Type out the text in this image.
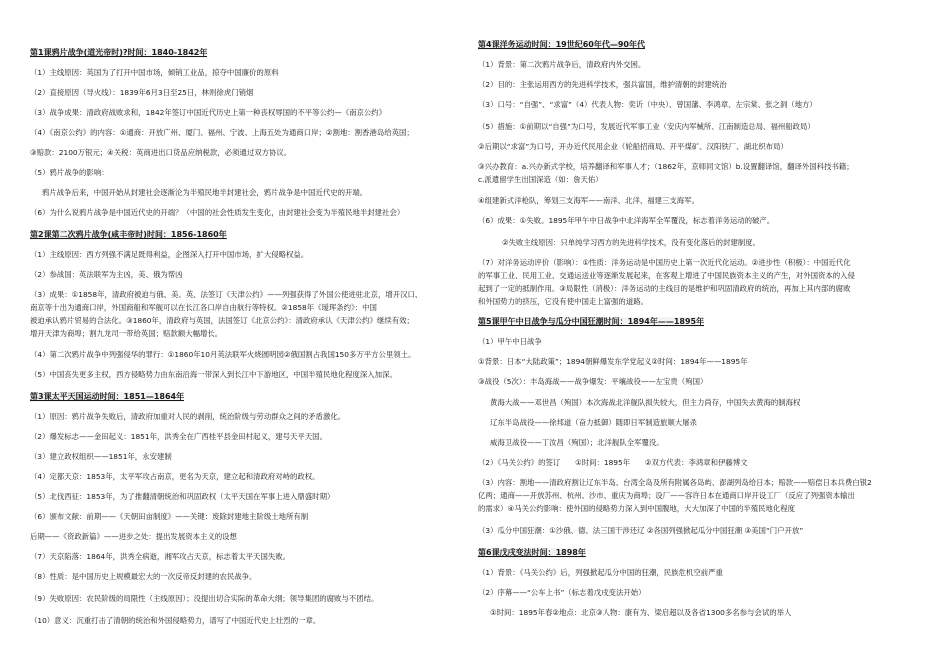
第1课鸦片战争(道光帝时)?时间：1840-1842年
（1）主线原因：英国为了打开中国市场，倾销工业品，掠夺中国廉价的原料
（2）直接原因（导火线）：1839年6月3日至25日，林则徐虎门销烟
（3）战争成果：清政府战败求和，1842年签订中国近代历史上第一种丧权辱国的不平等公约—《南京公约》
（4）《南京公约》的内容：①通商：开放广州、厦门、福州、宁波、上海五处为通商口岸；②割地：割香港岛给英国；
③赔款：2100万银元；④关税：英商进出口货品应纳税款，必须通过双方协议。
（5）鸦片战争的影响：
鸦片战争后来，中国开始从封建社会逐渐沦为半殖民地半封建社会，鸦片战争是中国近代史的开端。
（6）为什么说鸦片战争是中国近代史的开端？（中国的社会性质发生变化，由封建社会变为半殖民地半封建社会）
第2课第二次鸦片战争(咸丰帝时)时间：1856-1860年
（1）主线原因：西方列强不满足既得利益，企图深入打开中国市场，扩大侵略权益。
（2）参战国：英法联军为主凶，美、俄为帮凶
（3）成果：①1858年，清政府被迫与俄、美、英、法签订《天津公约》——列强获得了外国公使进驻北京，增开汉口、
南京等十出为通商口岸，外国商船和军舰可以在长江各口岸自由航行等特权。②1858年《瑷珲条约》：中国
被迫承认鸦片贸易的合法化。③1860年，清政府与英国，法国签订《北京公约》：清政府承认《天津公约》继续有效；
增开天津为商埠；割九龙司一带给英国；赔款额大幅增长。
（4）第二次鸦片战争中列强侵华的罪行：①1860年10月英法联军火烧圆明园②俄国割占我国150多万平方公里领土。
（5）中国丧失更多主权，西方侵略势力由东南沿海一带深入到长江中下游地区，中国半殖民地化程度深入加深。
第3课太平天国运动时间：1851—1864年
（1）原因：鸦片战争失败后，清政府加重对人民的剥削，统治阶级与劳动群众之间的矛盾激化。
（2）爆发标志——金田起义：1851年，洪秀全在广西桂平县金田村起义，建号天平天国。
（3）建立政权组织——1851年，永安建制
（4）定都天京：1853年，太平军攻占南京，更名为天京，建立起和清政府对峙的政权。
（5）北伐西征：1853年，为了推翻清朝统治和巩固政权（太平天国在军事上进入鼎盛时期）
（6）颁布文献：前期——《天朝田亩制度》——关键：废除封建地主阶级土地所有制
后期——《资政新篇》——进步之处：提出发展资本主义的设想
（7）天京陷落：1864年，洪秀全病逝，湘军攻占天京，标志着太平天国失败。
（8）性质：是中国历史上规模最宏大的一次反帝反封建的农民战争。
（9）失败原因：农民阶级的局限性（主线原因）；没提出切合实际的革命大纲；领导集团的腐败与不团结。
（10）意义：沉重打击了清朝的统治和外国侵略势力，谱写了中国近代史上壮烈的一章。
第4课洋务运动时间：19世纪60年代—90年代
（1）背景：第二次鸦片战争后，清政府内外交困。
（2）目的：主张运用西方的先进科学技术，强兵富国，维护清朝的封建统治
（3）口号：“自强”、“求富”（4）代表人物：奕䜣（中央）、曾国藩、李鸿章、左宗棠、张之洞（地方）
（5）措施：①前期以“自强”为口号，发展近代军事工业（安庆内军械所、江南制造总局、福州船政局）
②后期以“求富”为口号，开办近代民用企业（轮船招商局、开平煤矿、汉阳铁厂、湖北织布局）
③兴办教育：a.兴办新式学校，培养翻译和军事人才；（1862年，京师同文馆）b.设置翻译馆，翻译外国科技书籍；
c.派遣留学生出国深造（如：詹天佑）
④组建新式洋枪队，筹划三支海军——南洋、北洋、福建三支海军。
（6）成果：①失败。1895年甲午中日战争中北洋海军全军覆没，标志着洋务运动的破产。
②失败主线原因：只单纯学习西方的先进科学技术，没有变化落后的封建制度。
（7）对洋务运动评价（影响）：①性质：洋务运动是中国历史上第一次近代化运动。②进步性（积极）：中国近代化
的军事工业、民用工业、交通运送业等逐渐发展起来，在客观上增进了中国民族资本主义的产生，对外国资本的入侵
起到了一定的抵制作用。③局限性（消极）：洋务运动的主线目的是维护和巩固清政府的统治，再加上其内部的腐败
和外国势力的挤压，它没有使中国走上富强的道路。
第5课甲午中日战争与瓜分中国狂潮时间：1894年——1895年
（1）甲午中日战争
①背景：日本“大陆政策”；1894朝鲜爆发东学党起义②时间：1894年——1895年
③战役（5次）：丰岛海战——战争爆发：平壤战役——左宝贵（殉国）
黄海大战——邓世昌（殉国）本次海战北洋舰队损失较大，但主力尚存，中国失去黄海的制海权
辽东半岛战役——徐邦道（奋力抵御）随即日军制造旅顺大屠杀
威海卫战役——丁汝昌（殉国）；北洋舰队全军覆没。
（2）《马关公约》的签订　　①时间：1895年　　②双方代表：李鸿章和伊藤博文
（3）内容：割地——清政府割让辽东半岛、台湾全岛及所有附属各岛屿、澎湖列岛给日本；赔款——赔偿日本兵费白银2
亿两；通商——开放苏州、杭州、沙市、重庆为商埠；设厂——容许日本在通商口岸开设工厂（反应了列强资本输出
的需求）④马关公约影响：使外国的侵略势力深入到中国腹地，大大加深了中国的半殖民地化程度
（3）瓜分中国狂潮：①沙俄、德、法三国干涉还辽 ②各国列强掀起瓜分中国狂潮 ③美国“门户开放”
第6课戊戌变法时间：1898年
（1）背景：《马关公约》后，列强掀起瓜分中国的狂潮，民族危机空前严重
（2）序幕——“公车上书”（标志着戊戌变法开始）
①时间：1895年春②地点：北京③人物：康有为、梁启超以及各省1300多名参与会试的举人
